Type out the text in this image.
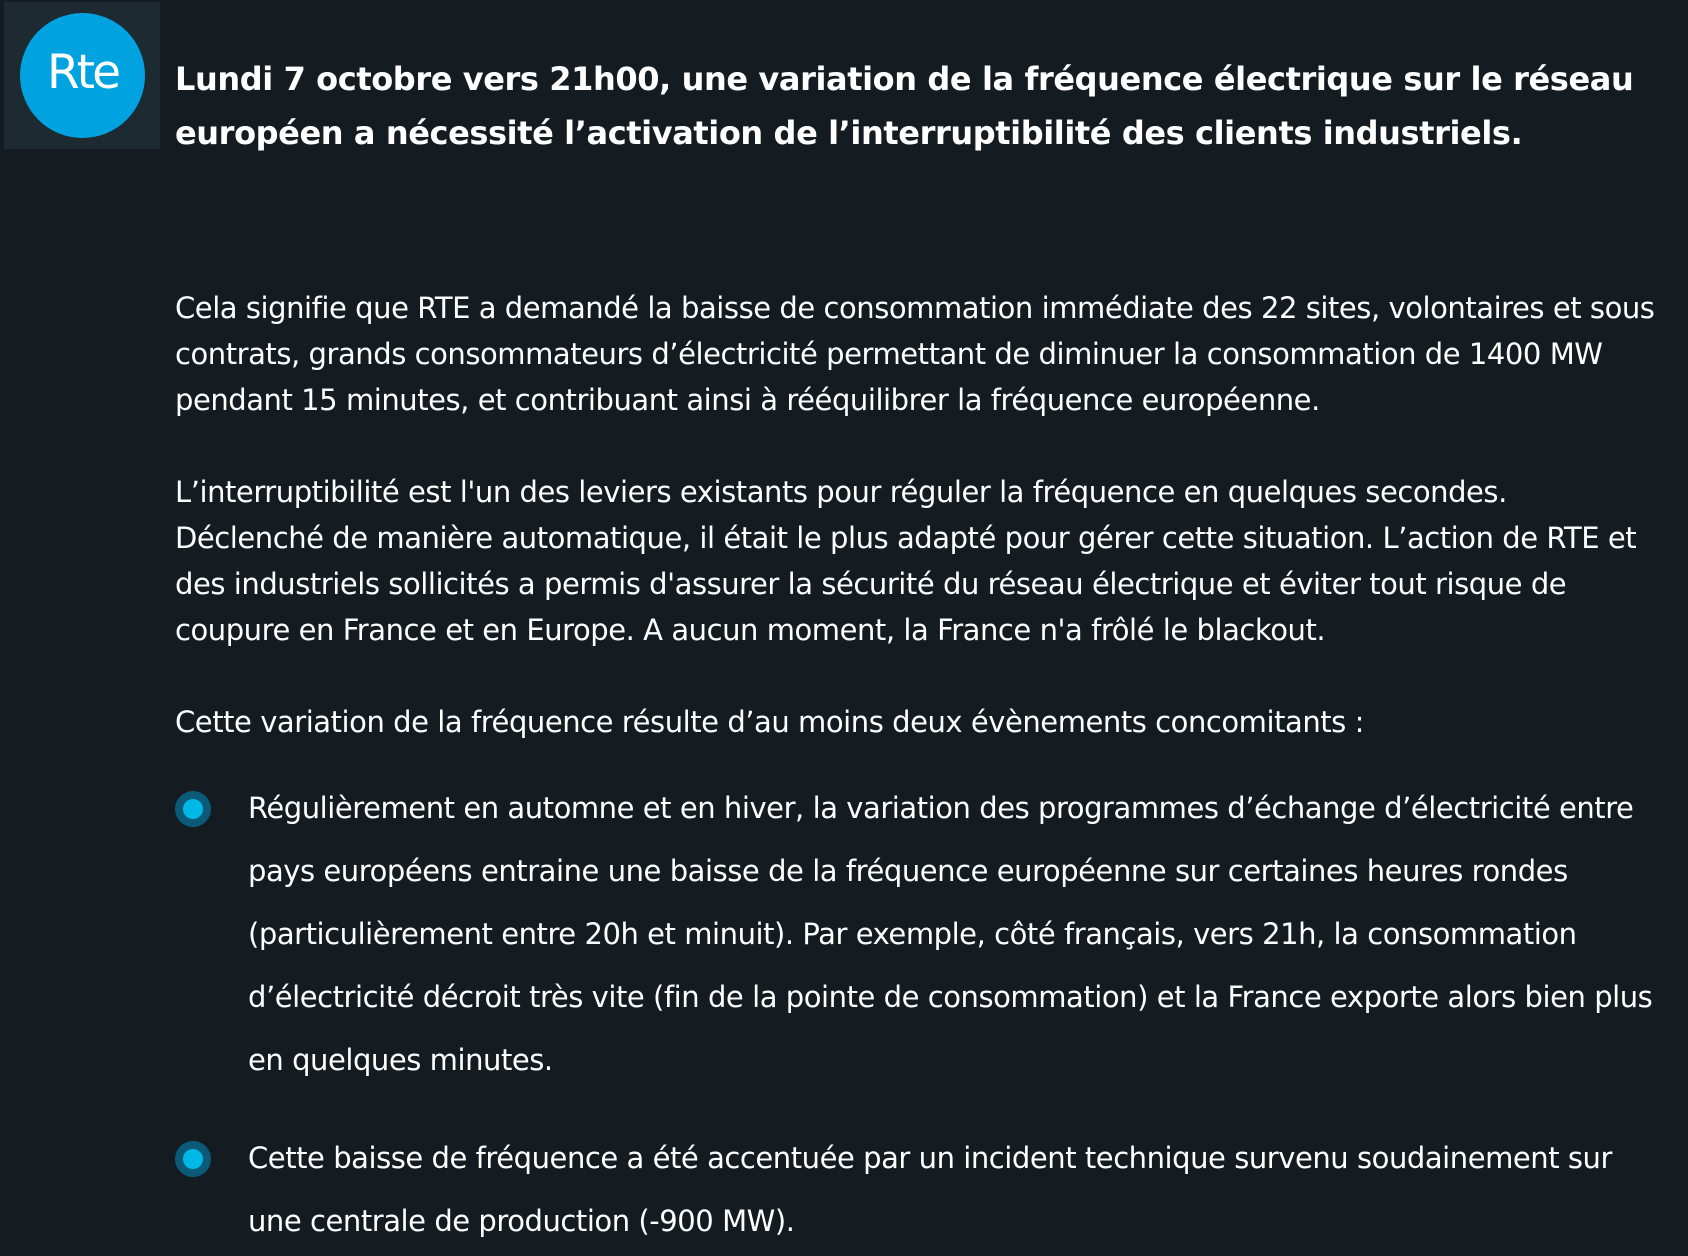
Rte Lundi 7 octobre vers 21h00, une variation de la fréquence électrique sur le réseau européen a nécessité l’activation de l’interruptibilité des clients industriels.

Cela signifie que RTE a demandé la baisse de consommation immédiate des 22 sites, volontaires et sous contrats, grands consommateurs d’électricité permettant de diminuer la consommation de 1400 MW pendant 15 minutes, et contribuant ainsi à rééquilibrer la fréquence européenne.

L’interruptibilité est l'un des leviers existants pour réguler la fréquence en quelques secondes. Déclenché de manière automatique, il était le plus adapté pour gérer cette situation. L’action de RTE et des industriels sollicités a permis d'assurer la sécurité du réseau électrique et éviter tout risque de coupure en France et en Europe. A aucun moment, la France n'a frôlé le blackout.

Cette variation de la fréquence résulte d’au moins deux évènements concomitants :

Régulièrement en automne et en hiver, la variation des programmes d’échange d’électricité entre pays européens entraine une baisse de la fréquence européenne sur certaines heures rondes (particulièrement entre 20h et minuit). Par exemple, côté français, vers 21h, la consommation d’électricité décroit très vite (fin de la pointe de consommation) et la France exporte alors bien plus en quelques minutes.
Cette baisse de fréquence a été accentuée par un incident technique survenu soudainement sur une centrale de production (-900 MW).
